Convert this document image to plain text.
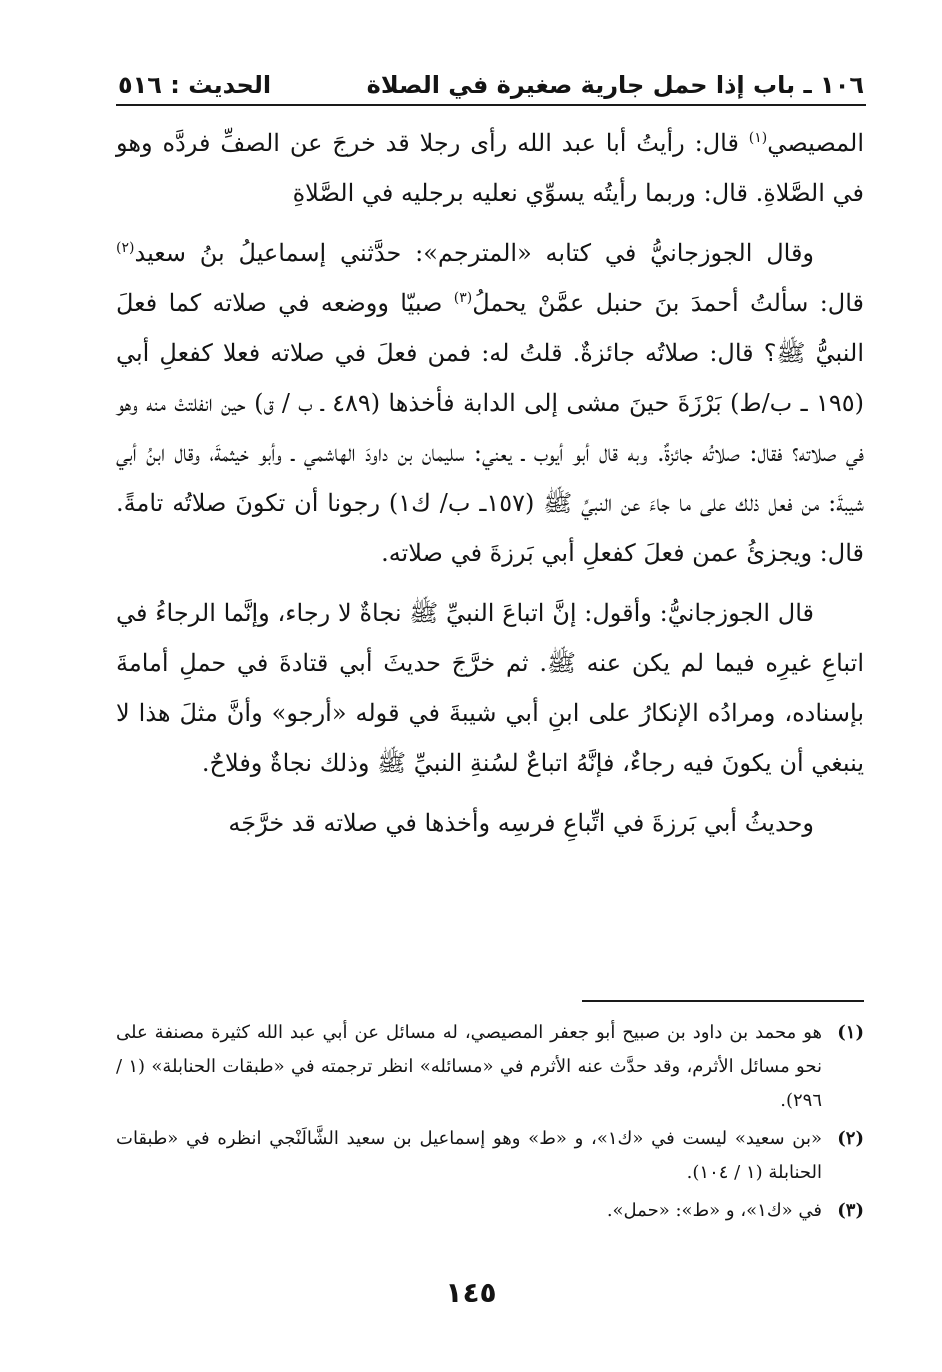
١٠٦ ـ باب إذا حمل جارية صغيرة في الصلاة
الحديث : ٥١٦

المصيصي$^{(١)}$ قال: رأيتُ أبا عبد الله رأى رجلا قد خرجَ عن الصفِّ فردَّه وهو في الصَّلاةِ. قال: وربما رأيتُه يسوِّي نعليه برجليه في الصَّلاةِ

وقال الجوزجانيُّ في كتابه «المترجم»: حدَّثني إسماعيلُ بنُ سعيد$^{(٢)}$ قال: سألتُ أحمدَ بنَ حنبل عمَّنْ يحملُ$^{(٣)}$ صبيّا ووضعه في صلاته كما فعلَ النبيُّ ﷺ؟ قال: صلاتُه جائزةٌ. قلتُ له: فمن فعلَ في صلاته فعلا كفعلِ أبي (١٩٥ ـ ب/ط) بَرْزَةَ حينَ مشى إلى الدابة فأخذها (٤٨٩ ـ ب / ق) حين انفلتتْ منه وهو في صلاته؟ فقال: صلاتُه جائزةٌ. وبه قال أبو أيوب ـ يعني: سليمان بن داودَ الهاشمي ـ وأبو خيثمةَ، وقال ابنُ أبي شيبةَ: من فعل ذلك على ما جاءَ عن النبيِّ ﷺ (١٥٧ـ ب/ ك١) رجونا أن تكونَ صلاتُه تامةً. قال: ويجزئُ عمن فعلَ كفعلِ أبي بَرزةَ في صلاته.

قال الجوزجانيُّ: وأقول: إنَّ اتباعَ النبيِّ ﷺ نجاةٌ لا رجاء، وإنَّما الرجاءُ في اتباعِ غيرِه فيما لم يكن عنه ﷺ. ثم خرَّجَ حديثَ أبي قتادةَ في حملِ أمامةَ بإسناده، ومرادُه الإنكارُ على ابنِ أبي شيبةَ في قوله «أرجو» وأنَّ مثلَ هذا لا ينبغي أن يكونَ فيه رجاءٌ، فإنَّهُ اتباعٌ لسُنةِ النبيِّ ﷺ وذلك نجاةٌ وفلاحٌ.

وحديثُ أبي بَرزةَ في اتِّباعِ فرسِه وأخذها في صلاته قد خرَّجَه

(١)
هو محمد بن داود بن صبيح أبو جعفر المصيصي، له مسائل عن أبي عبد الله كثيرة مصنفة على نحو مسائل الأثرم، وقد حدَّث عنه الأثرم في «مسائله» انظر ترجمته في «طبقات الحنابلة» (١ / ٢٩٦).
(٢)
«بن سعيد» ليست في «ك١»، و «ط» وهو إسماعيل بن سعيد الشَّالَنْجي انظره في «طبقات الحنابلة (١ / ١٠٤).
(٣)
في «ك١»، و «ط»: «حمل».
١٤٥
